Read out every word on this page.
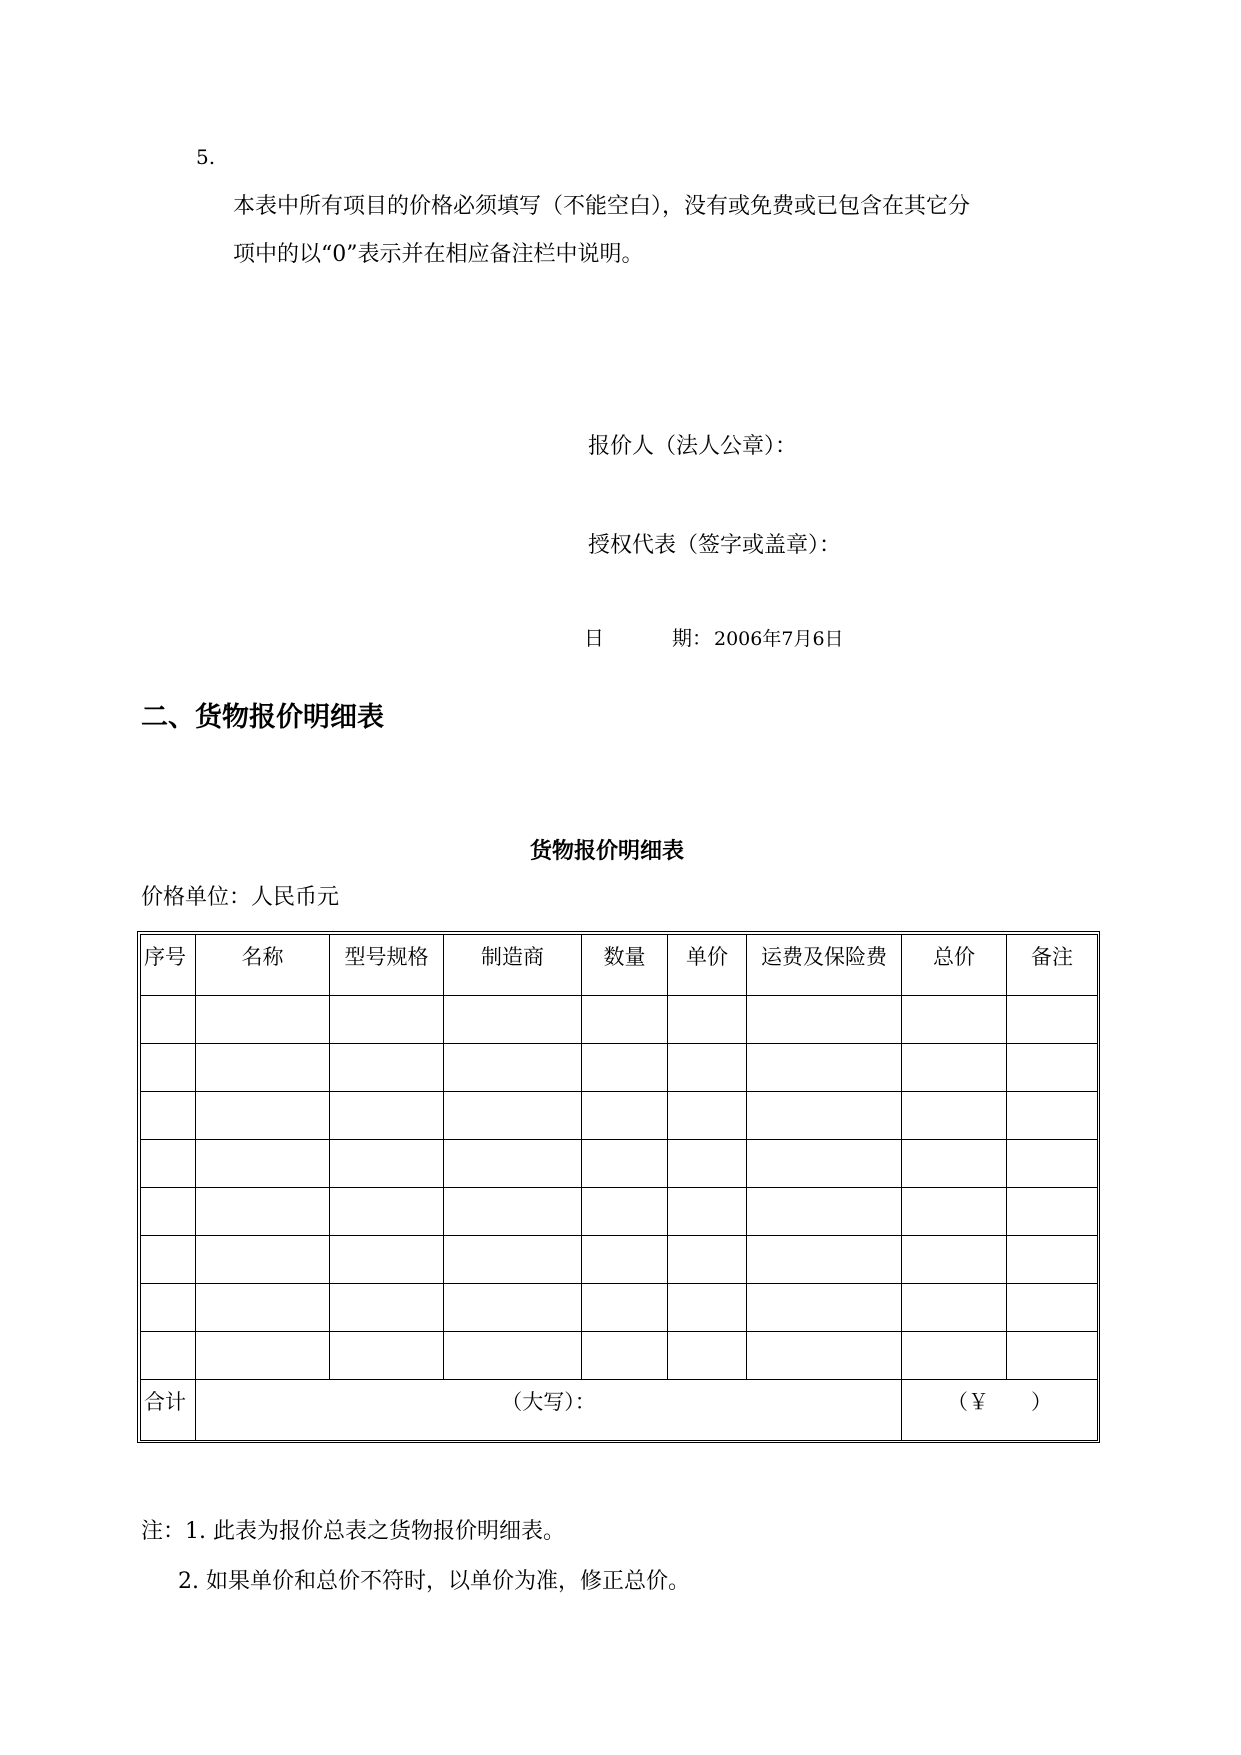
5.
本表中所有项目的价格必须填写（不能空白），没有或免费或已包含在其它分
项中的以“0”表示并在相应备注栏中说明。
报价人（法人公章）：
授权代表（签字或盖章）：
日	期： 2006年7月6日
二、货物报价明细表
货物报价明细表
价格单位：人民币元
序号	名称	型号规格	制造商	数量	单价	运费及保险费	总价	备注

合计	（大写）：						（￥　　）	
注：1. 此表为报价总表之货物报价明细表。
2. 如果单价和总价不符时，以单价为准，修正总价。
